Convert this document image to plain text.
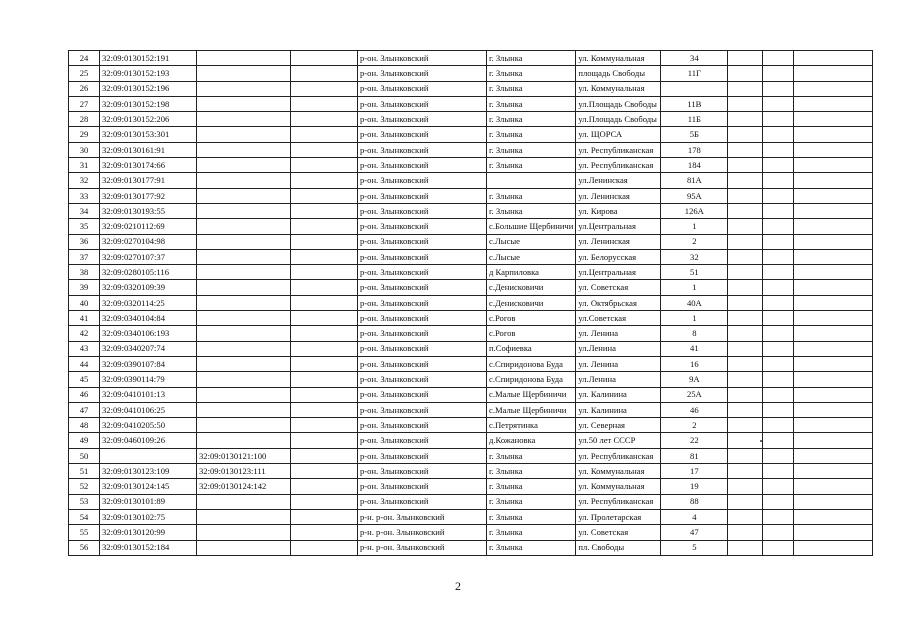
24	32:09:0130152:191			р-он. Злынковский	г. Злынка	ул. Коммунальная	34			
25	32:09:0130152:193			р-он. Злынковский	г. Злынка	площадь Свободы	11Г			
26	32:09:0130152:196			р-он. Злынковский	г. Злынка	ул. Коммунальная				
27	32:09:0130152:198			р-он. Злынковский	г. Злынка	ул.Площадь Свободы	11В			
28	32:09:0130152:206			р-он. Злынковский	г. Злынка	ул.Площадь Свободы	11Б			
29	32:09:0130153:301			р-он. Злынковский	г. Злынка	ул. ЩОРСА	5Б			
30	32:09:0130161:91			р-он. Злынковский	г. Злынка	ул. Республиканская	178			
31	32:09:0130174:66			р-он. Злынковский	г. Злынка	ул. Республиканская	184			
32	32:09:0130177:91			р-он. Злынковский		ул.Ленинская	81А			
33	32:09:0130177:92			р-он. Злынковский	г. Злынка	ул. Ленинская	95А			
34	32:09:0130193:55			р-он. Злынковский	г. Злынка	ул. Кирова	126А			
35	32:09:0210112:69			р-он. Злынковский	с.Большие Щербиничи	ул.Центральная	1			
36	32:09:0270104:98			р-он. Злынковский	с.Лысые	ул. Ленинская	2			
37	32:09:0270107:37			р-он. Злынковский	с.Лысые	ул. Белорусская	32			
38	32:09:0280105:116			р-он. Злынковский	д Карпиловка	ул.Центральная	51			
39	32:09:0320109:39			р-он. Злынковский	с.Денисковичи	ул. Советская	1			
40	32:09:0320114:25			р-он. Злынковский	с.Денисковичи	ул. Октябрьская	40А			
41	32:09:0340104:84			р-он. Злынковский	с.Рогов	ул.Советская	1			
42	32:09:0340106:193			р-он. Злынковский	с.Рогов	ул. Ленина	8			
43	32:09:0340207:74			р-он. Злынковский	п.Софиевка	ул.Ленина	41			
44	32:09:0390107:84			р-он. Злынковский	с.Спиридонова Буда	ул. Ленина	16			
45	32:09:0390114:79			р-он. Злынковский	с.Спиридонова Буда	ул.Ленина	9А			
46	32:09:0410101:13			р-он. Злынковский	с.Малые Щербиничи	ул. Калинина	25А			
47	32:09:0410106:25			р-он. Злынковский	с.Малые Щербиничи	ул. Калинина	46			
48	32:09:0410205:50			р-он. Злынковский	с.Петрятинка	ул. Северная	2			
49	32:09:0460109:26			р-он. Злынковский	д.Кожановка	ул.50 лет СССР	22			
50		32:09:0130121:100		р-он. Злынковский	г. Злынка	ул. Республиканская	81			
51	32:09:0130123:109	32:09:0130123:111		р-он. Злынковский	г. Злынка	ул. Коммунальная	17			
52	32:09:0130124:145	32:09:0130124:142		р-он. Злынковский	г. Злынка	ул. Коммунальная	19			
53	32:09:0130101:89			р-он. Злынковский	г. Злынка	ул. Республиканская	88			
54	32:09:0130102:75			р-н. р-он. Злынковский	г. Злынка	ул. Пролетарская	4			
55	32:09:0130120:99			р-н. р-он. Злынковский	г. Злынка	ул. Советская	47			
56	32:09:0130152:184			р-н. р-он. Злынковский	г. Злынка	пл. Свободы	5			
2
